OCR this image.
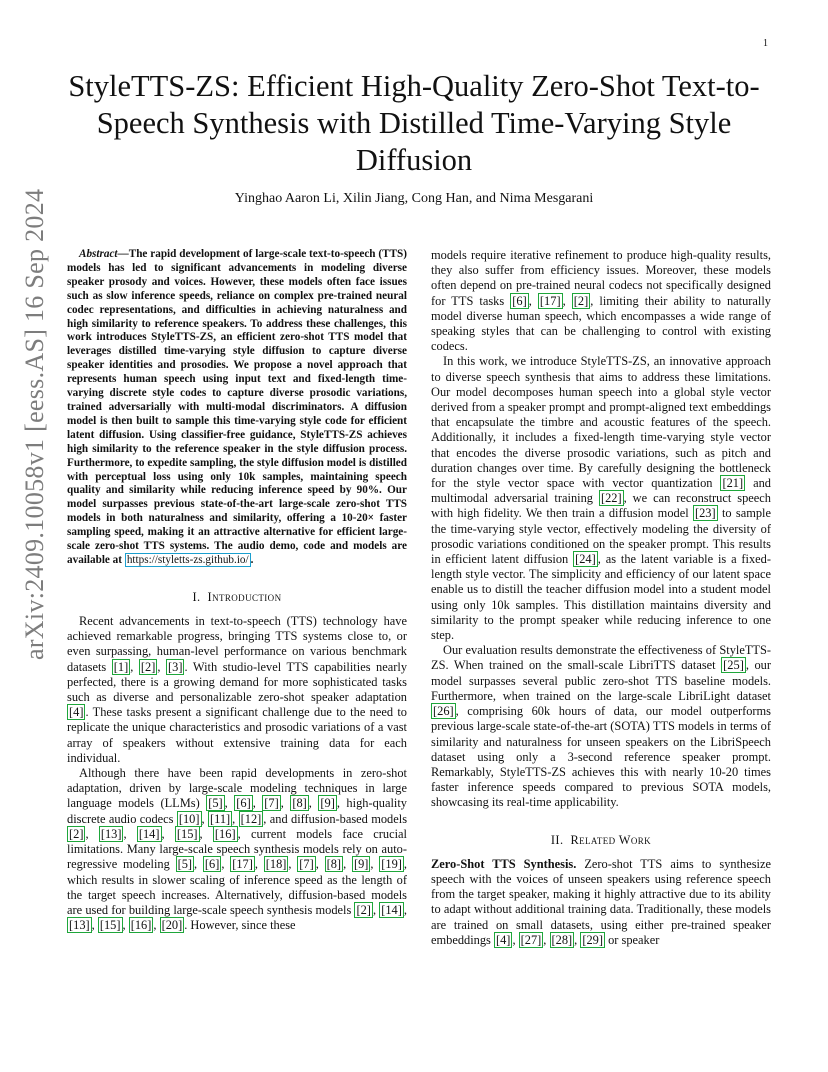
1
arXiv:2409.10058v1 [eess.AS] 16 Sep 2024
StyleTTS-ZS: Efficient High-Quality Zero-Shot Text-to-Speech Synthesis with Distilled Time-Varying Style Diffusion
Yinghao Aaron Li, Xilin Jiang, Cong Han, and Nima Mesgarani

Abstract—The rapid development of large-scale text-to-speech (TTS) models has led to significant advancements in modeling diverse speaker prosody and voices. However, these models often face issues such as slow inference speeds, reliance on complex pre-trained neural codec representations, and difficulties in achieving naturalness and high similarity to reference speakers. To address these challenges, this work introduces StyleTTS-ZS, an efficient zero-shot TTS model that leverages distilled time-varying style diffusion to capture diverse speaker identities and prosodies. We propose a novel approach that represents human speech using input text and fixed-length time-varying discrete style codes to capture diverse prosodic variations, trained adversarially with multi-modal discriminators. A diffusion model is then built to sample this time-varying style code for efficient latent diffusion. Using classifier-free guidance, StyleTTS-ZS achieves high similarity to the reference speaker in the style diffusion process. Furthermore, to expedite sampling, the style diffusion model is distilled with perceptual loss using only 10k samples, maintaining speech quality and similarity while reducing inference speed by 90%. Our model surpasses previous state-of-the-art large-scale zero-shot TTS models in both naturalness and similarity, offering a 10-20× faster sampling speed, making it an attractive alternative for efficient large-scale zero-shot TTS systems. The audio demo, code and models are available at https://styletts-zs.github.io/ .

I. Introduction

Recent advancements in text-to-speech (TTS) technology have achieved remarkable progress, bringing TTS systems close to, or even surpassing, human-level performance on various benchmark datasets [1] , [2] , [3] . With studio-level TTS capabilities nearly perfected, there is a growing demand for more sophisticated tasks such as diverse and personalizable zero-shot speaker adaptation [4] . These tasks present a significant challenge due to the need to replicate the unique characteristics and prosodic variations of a vast array of speakers without extensive training data for each individual.

Although there have been rapid developments in zero-shot adaptation, driven by large-scale modeling techniques in large language models (LLMs) [5] , [6] , [7] , [8] , [9] , high-quality discrete audio codecs [10] , [11] , [12] , and diffusion-based models [2] , [13] , [14] , [15] , [16] , current models face crucial limitations. Many large-scale speech synthesis models rely on auto-regressive modeling [5] , [6] , [17] , [18] , [7] , [8] , [9] , [19] , which results in slower scaling of inference speed as the length of the target speech increases. Alternatively, diffusion-based models are used for building large-scale speech synthesis models [2] , [14] , [13] , [15] , [16] , [20] . However, since these

models require iterative refinement to produce high-quality results, they also suffer from efficiency issues. Moreover, these models often depend on pre-trained neural codecs not specifically designed for TTS tasks [6] , [17] , [2] , limiting their ability to naturally model diverse human speech, which encompasses a wide range of speaking styles that can be challenging to control with existing codecs.

In this work, we introduce StyleTTS-ZS, an innovative approach to diverse speech synthesis that aims to address these limitations. Our model decomposes human speech into a global style vector derived from a speaker prompt and prompt-aligned text embeddings that encapsulate the timbre and acoustic features of the speech. Additionally, it includes a fixed-length time-varying style vector that encodes the diverse prosodic variations, such as pitch and duration changes over time. By carefully designing the bottleneck for the style vector space with vector quantization [21] and multimodal adversarial training [22] , we can reconstruct speech with high fidelity. We then train a diffusion model [23] to sample the time-varying style vector, effectively modeling the diversity of prosodic variations conditioned on the speaker prompt. This results in efficient latent diffusion [24] , as the latent variable is a fixed-length style vector. The simplicity and efficiency of our latent space enable us to distill the teacher diffusion model into a student model using only 10k samples. This distillation maintains diversity and similarity to the prompt speaker while reducing inference to one step.

Our evaluation results demonstrate the effectiveness of StyleTTS-ZS. When trained on the small-scale LibriTTS dataset [25] , our model surpasses several public zero-shot TTS baseline models. Furthermore, when trained on the large-scale LibriLight dataset [26] , comprising 60k hours of data, our model outperforms previous large-scale state-of-the-art (SOTA) TTS models in terms of similarity and naturalness for unseen speakers on the LibriSpeech dataset using only a 3-second reference speaker prompt. Remarkably, StyleTTS-ZS achieves this with nearly 10-20 times faster inference speeds compared to previous SOTA models, showcasing its real-time applicability.

II. Related Work

Zero-Shot TTS Synthesis. Zero-shot TTS aims to synthesize speech with the voices of unseen speakers using reference speech from the target speaker, making it highly attractive due to its ability to adapt without additional training data. Traditionally, these models are trained on small datasets, using either pre-trained speaker embeddings [4] , [27] , [28] , [29] or speaker
